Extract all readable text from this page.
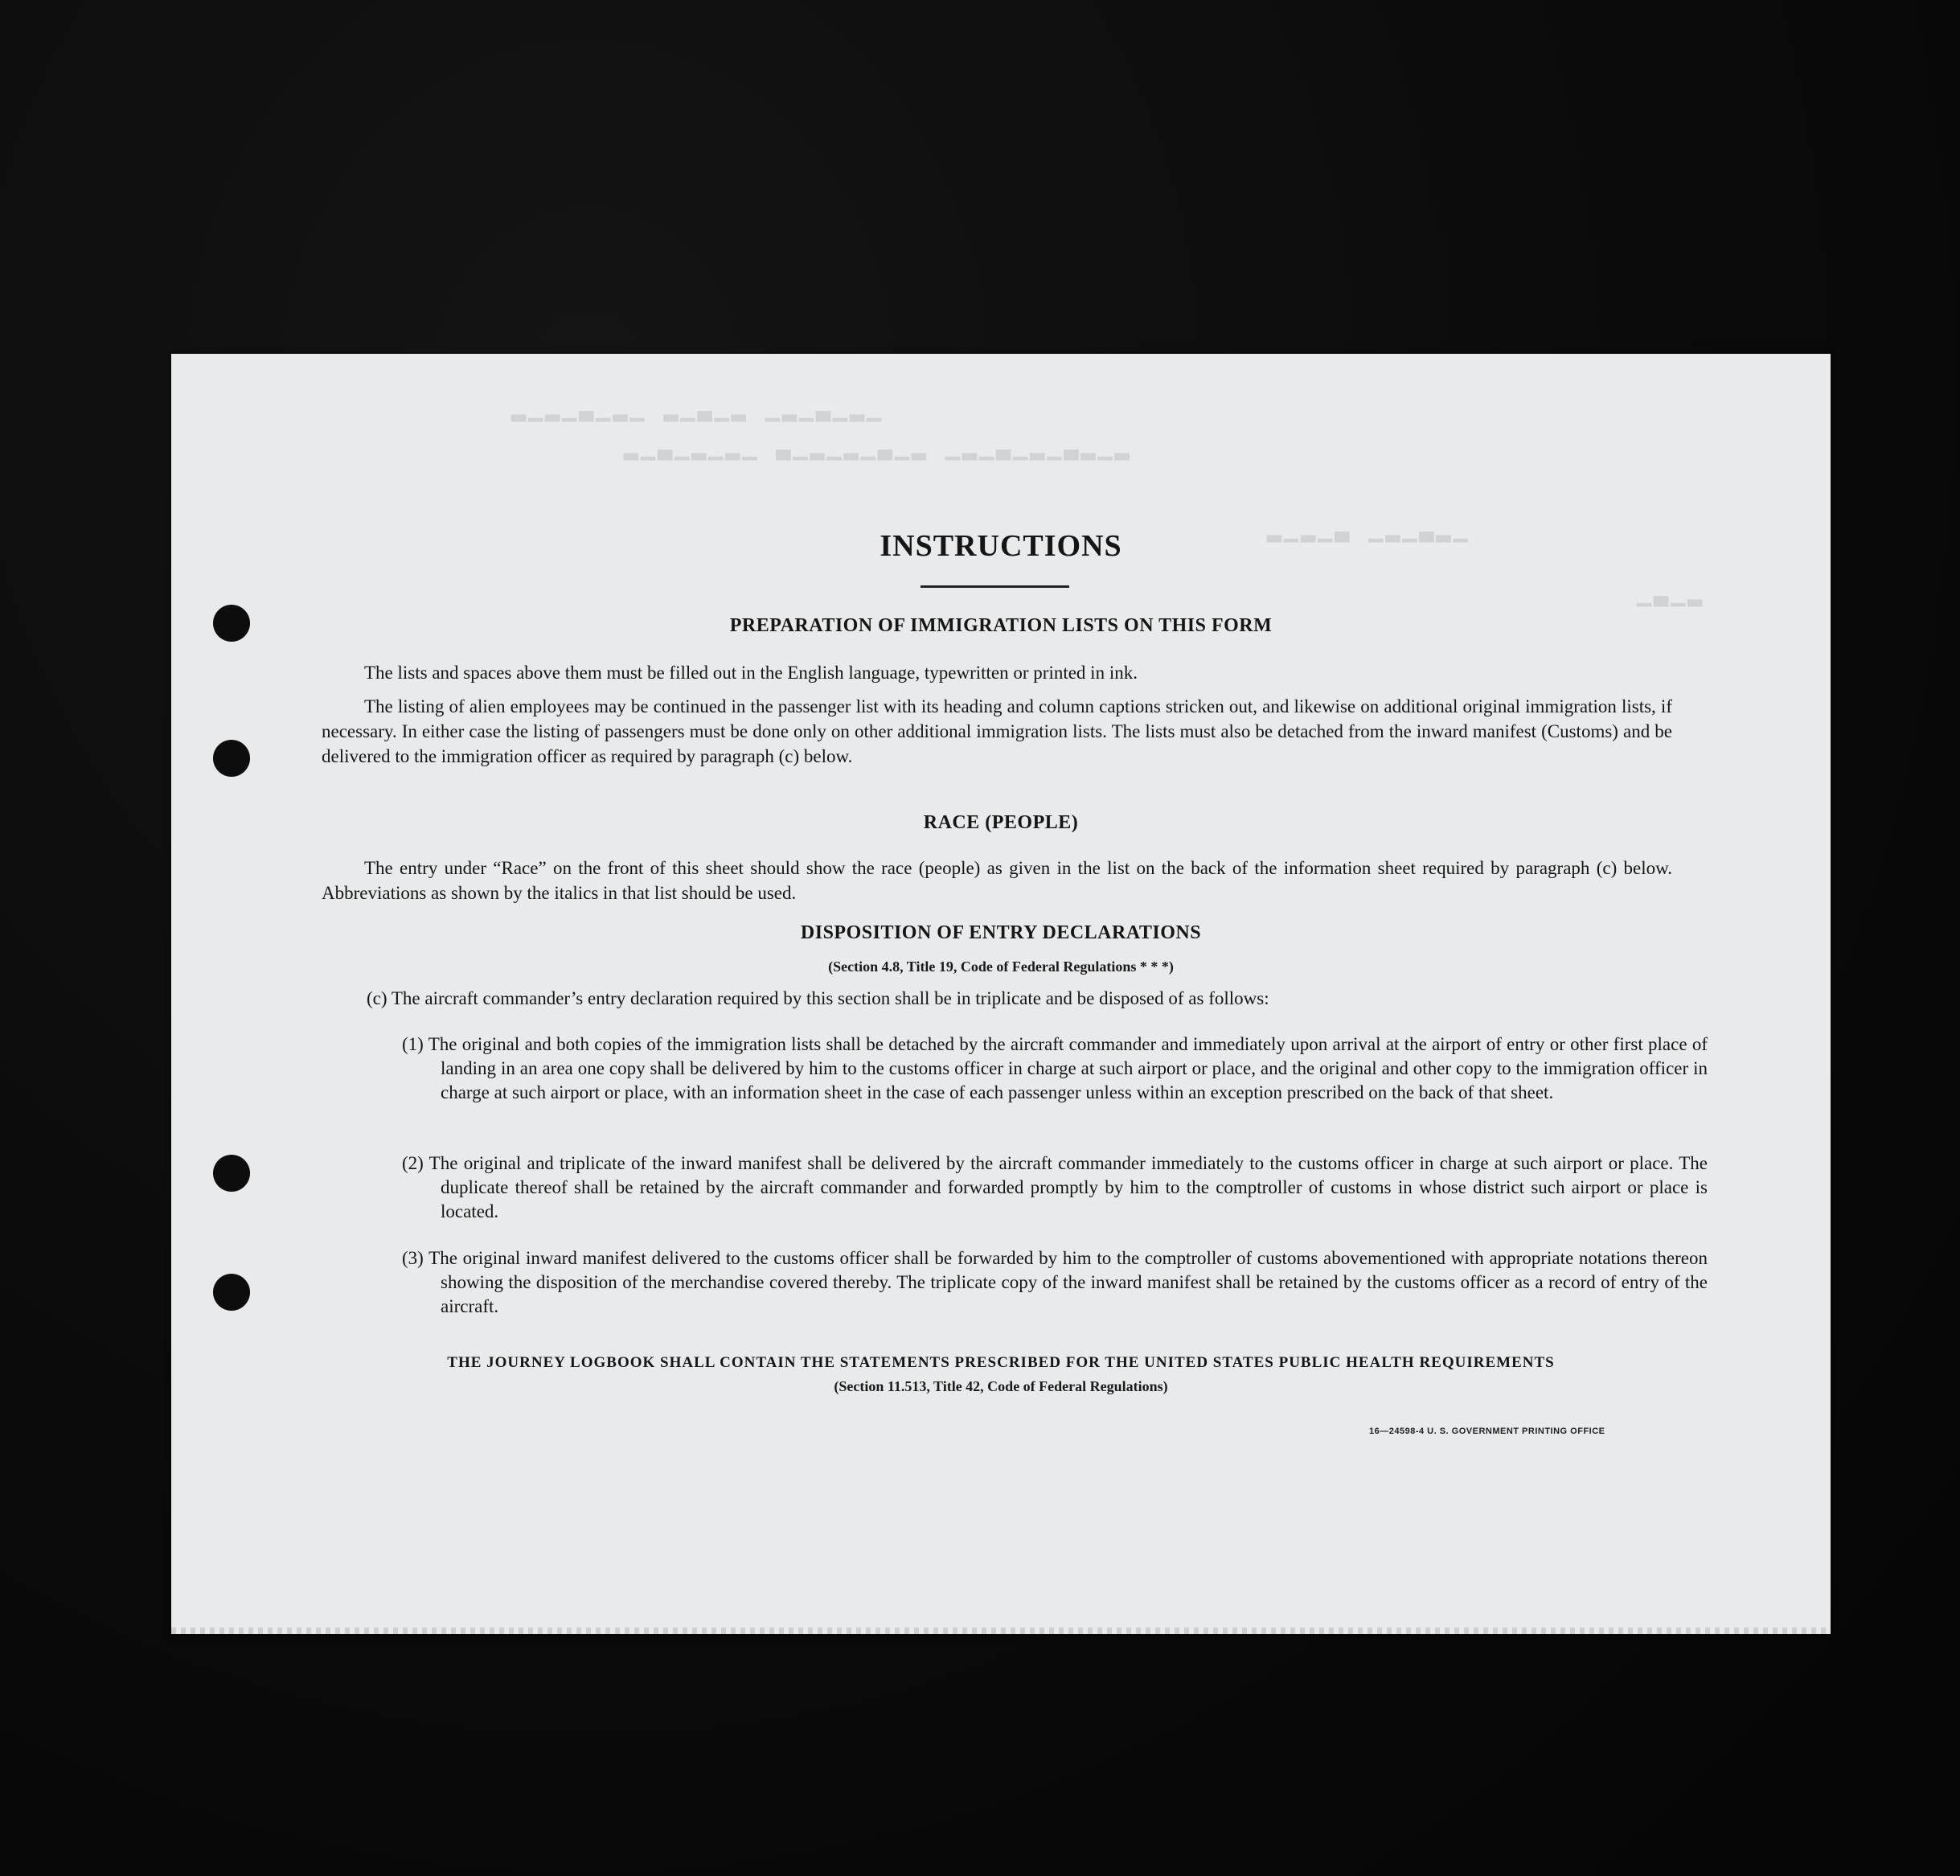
▁▂▁▃▁▂▁ ▂▁▃▁▂ ▁▂▁▃▁▂▁▂
▂▁▂▃▁▂▁▃▁▂▁ ▂▁▃▁▂▁▂▁▃ ▁▂▁▂▁▃▁▂
▁▂▃▁▂▁ ▃▁▂▁▂
▂▁▃▁
INSTRUCTIONS
PREPARATION OF IMMIGRATION LISTS ON THIS FORM
The lists and spaces above them must be filled out in the English language, typewritten or printed in ink.
The listing of alien employees may be continued in the passenger list with its heading and column captions stricken out, and likewise on additional original immigration lists, if necessary. In either case the listing of passengers must be done only on other additional immigration lists. The lists must also be detached from the inward manifest (Customs) and be delivered to the immigration officer as required by paragraph (c) below.
RACE (PEOPLE)
The entry under “Race” on the front of this sheet should show the race (people) as given in the list on the back of the information sheet required by paragraph (c) below. Abbreviations as shown by the italics in that list should be used.
DISPOSITION OF ENTRY DECLARATIONS
(Section 4.8, Title 19, Code of Federal Regulations * * *)
(c) The aircraft commander’s entry declaration required by this section shall be in triplicate and be disposed of as follows:
(1) The original and both copies of the immigration lists shall be detached by the aircraft commander and immediately upon arrival at the airport of entry or other first place of landing in an area one copy shall be delivered by him to the customs officer in charge at such airport or place, and the original and other copy to the immigration officer in charge at such airport or place, with an information sheet in the case of each passenger unless within an exception prescribed on the back of that sheet.
(2) The original and triplicate of the inward manifest shall be delivered by the aircraft commander immediately to the customs officer in charge at such airport or place. The duplicate thereof shall be retained by the aircraft commander and forwarded promptly by him to the comptroller of customs in whose district such airport or place is located.
(3) The original inward manifest delivered to the customs officer shall be forwarded by him to the comptroller of customs abovementioned with appropriate notations thereon showing the disposition of the merchandise covered thereby. The triplicate copy of the inward manifest shall be retained by the customs officer as a record of entry of the aircraft.
THE JOURNEY LOGBOOK SHALL CONTAIN THE STATEMENTS PRESCRIBED FOR THE UNITED STATES PUBLIC HEALTH REQUIREMENTS
(Section 11.513, Title 42, Code of Federal Regulations)
16—24598-4 U. S. GOVERNMENT PRINTING OFFICE
